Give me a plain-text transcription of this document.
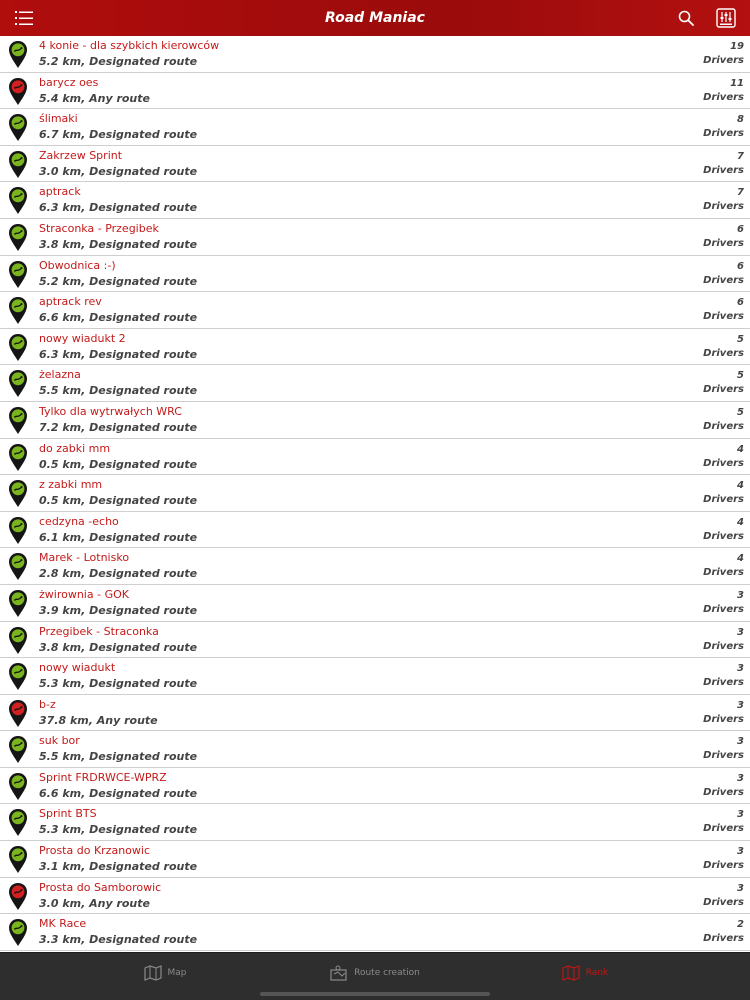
Road Maniac
4 konie - dla szybkich kierowców
5.2 km, Designated route
19
Drivers
barycz oes
5.4 km, Any route
11
Drivers
ślimaki
6.7 km, Designated route
8
Drivers
Zakrzew Sprint
3.0 km, Designated route
7
Drivers
aptrack
6.3 km, Designated route
7
Drivers
Straconka - Przegibek
3.8 km, Designated route
6
Drivers
Obwodnica :-)
5.2 km, Designated route
6
Drivers
aptrack rev
6.6 km, Designated route
6
Drivers
nowy wiadukt 2
6.3 km, Designated route
5
Drivers
żelazna
5.5 km, Designated route
5
Drivers
Tylko dla wytrwałych WRC
7.2 km, Designated route
5
Drivers
do zabki mm
0.5 km, Designated route
4
Drivers
z zabki mm
0.5 km, Designated route
4
Drivers
cedzyna -echo
6.1 km, Designated route
4
Drivers
Marek - Lotnisko
2.8 km, Designated route
4
Drivers
żwirownia - GOK
3.9 km, Designated route
3
Drivers
Przegibek - Straconka
3.8 km, Designated route
3
Drivers
nowy wiadukt
5.3 km, Designated route
3
Drivers
b-z
37.8 km, Any route
3
Drivers
suk bor
5.5 km, Designated route
3
Drivers
Sprint FRDRWCE-WPRZ
6.6 km, Designated route
3
Drivers
Sprint BTS
5.3 km, Designated route
3
Drivers
Prosta do Krzanowic
3.1 km, Designated route
3
Drivers
Prosta do Samborowic
3.0 km, Any route
3
Drivers
MK Race
3.3 km, Designated route
2
Drivers
Map	Route creation	Rank
